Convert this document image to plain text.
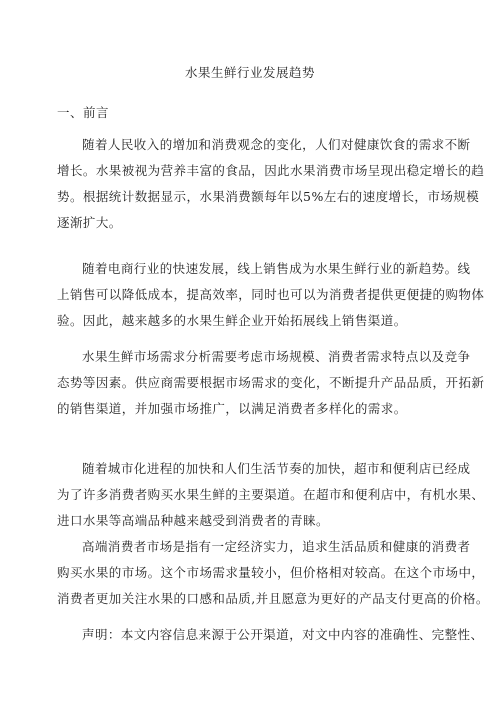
水果生鲜行业发展趋势
一、前言
随着人民收入的增加和消费观念的变化，人们对健康饮食的需求不断
增长。水果被视为营养丰富的食品，因此水果消费市场呈现出稳定增长的趋
势。根据统计数据显示，水果消费额每年以5%左右的速度增长，市场规模
逐渐扩大。
随着电商行业的快速发展，线上销售成为水果生鲜行业的新趋势。线
上销售可以降低成本，提高效率，同时也可以为消费者提供更便捷的购物体
验。因此，越来越多的水果生鲜企业开始拓展线上销售渠道。
水果生鲜市场需求分析需要考虑市场规模、消费者需求特点以及竞争
态势等因素。供应商需要根据市场需求的变化，不断提升产品品质，开拓新
的销售渠道，并加强市场推广，以满足消费者多样化的需求。
随着城市化进程的加快和人们生活节奏的加快，超市和便利店已经成
为了许多消费者购买水果生鲜的主要渠道。在超市和便利店中，有机水果、
进口水果等高端品种越来越受到消费者的青睐。
高端消费者市场是指有一定经济实力，追求生活品质和健康的消费者
购买水果的市场。这个市场需求量较小，但价格相对较高。在这个市场中，
消费者更加关注水果的口感和品质,并且愿意为更好的产品支付更高的价格。
声明：本文内容信息来源于公开渠道，对文中内容的准确性、完整性、
